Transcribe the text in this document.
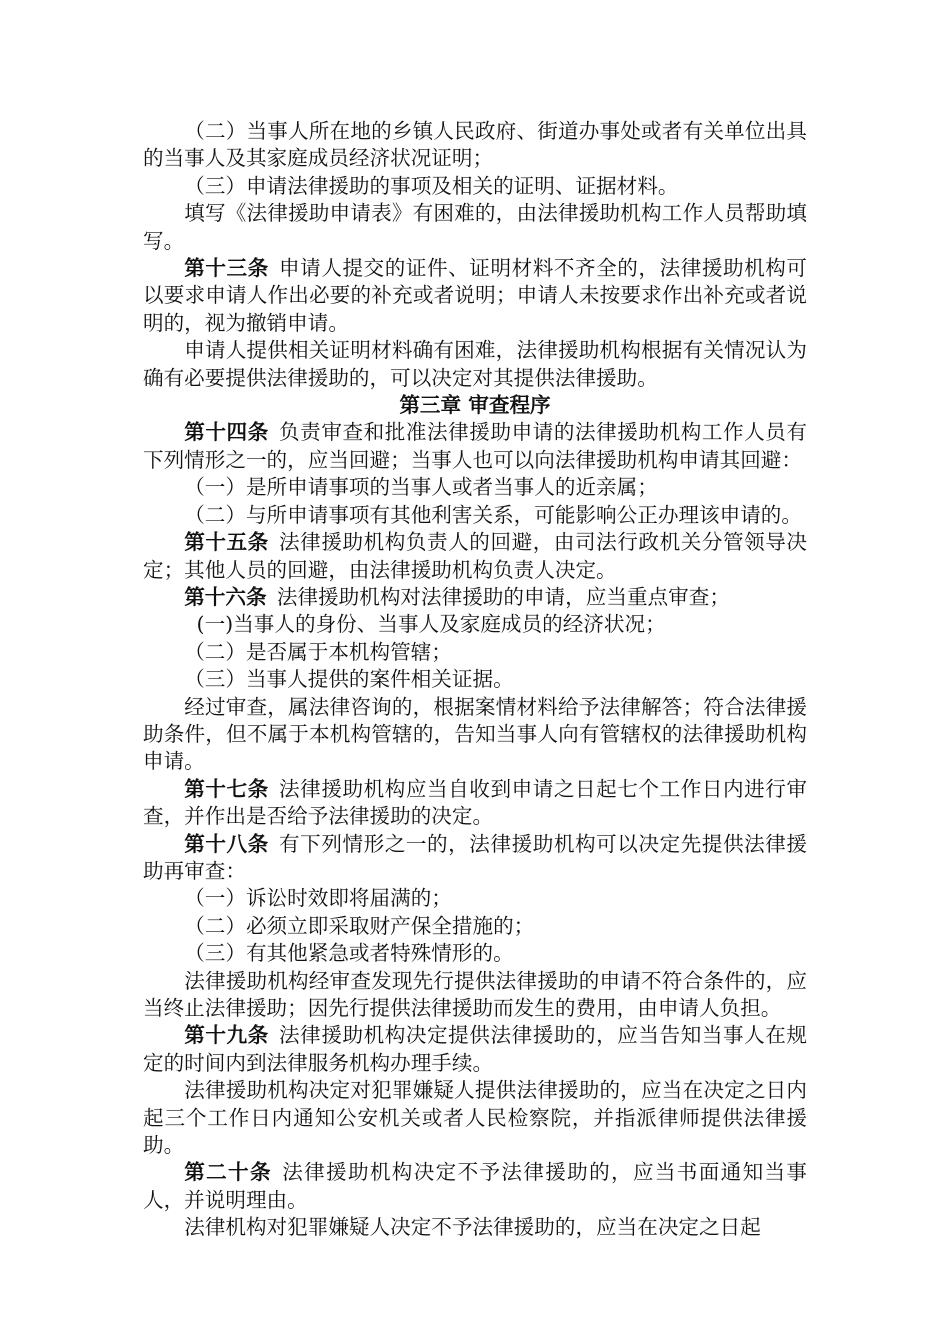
（二）当事人所在地的乡镇人民政府、街道办事处或者有关单位出具的当事人及其家庭成员经济状况证明；

（三）申请法律援助的事项及相关的证明、证据材料。

填写《法律援助申请表》有困难的，由法律援助机构工作人员帮助填写。

第十三条 申请人提交的证件、证明材料不齐全的，法律援助机构可以要求申请人作出必要的补充或者说明；申请人未按要求作出补充或者说明的，视为撤销申请。

申请人提供相关证明材料确有困难，法律援助机构根据有关情况认为确有必要提供法律援助的，可以决定对其提供法律援助。

第三章 审查程序

第十四条 负责审查和批准法律援助申请的法律援助机构工作人员有下列情形之一的，应当回避；当事人也可以向法律援助机构申请其回避：

（一）是所申请事项的当事人或者当事人的近亲属；

（二）与所申请事项有其他利害关系，可能影响公正办理该申请的。

第十五条 法律援助机构负责人的回避，由司法行政机关分管领导决定；其他人员的回避，由法律援助机构负责人决定。

第十六条 法律援助机构对法律援助的申请，应当重点审查；

(一)当事人的身份、当事人及家庭成员的经济状况；

（二）是否属于本机构管辖；

（三）当事人提供的案件相关证据。

经过审查，属法律咨询的，根据案情材料给予法律解答；符合法律援助条件，但不属于本机构管辖的，告知当事人向有管辖权的法律援助机构申请。

第十七条 法律援助机构应当自收到申请之日起七个工作日内进行审查，并作出是否给予法律援助的决定。

第十八条 有下列情形之一的，法律援助机构可以决定先提供法律援助再审查：

（一）诉讼时效即将届满的；

（二）必须立即采取财产保全措施的；

（三）有其他紧急或者特殊情形的。

法律援助机构经审查发现先行提供法律援助的申请不符合条件的，应当终止法律援助；因先行提供法律援助而发生的费用，由申请人负担。

第十九条 法律援助机构决定提供法律援助的，应当告知当事人在规定的时间内到法律服务机构办理手续。

法律援助机构决定对犯罪嫌疑人提供法律援助的，应当在决定之日内起三个工作日内通知公安机关或者人民检察院，并指派律师提供法律援助。

第二十条 法律援助机构决定不予法律援助的，应当书面通知当事人，并说明理由。

法律机构对犯罪嫌疑人决定不予法律援助的，应当在决定之日起
